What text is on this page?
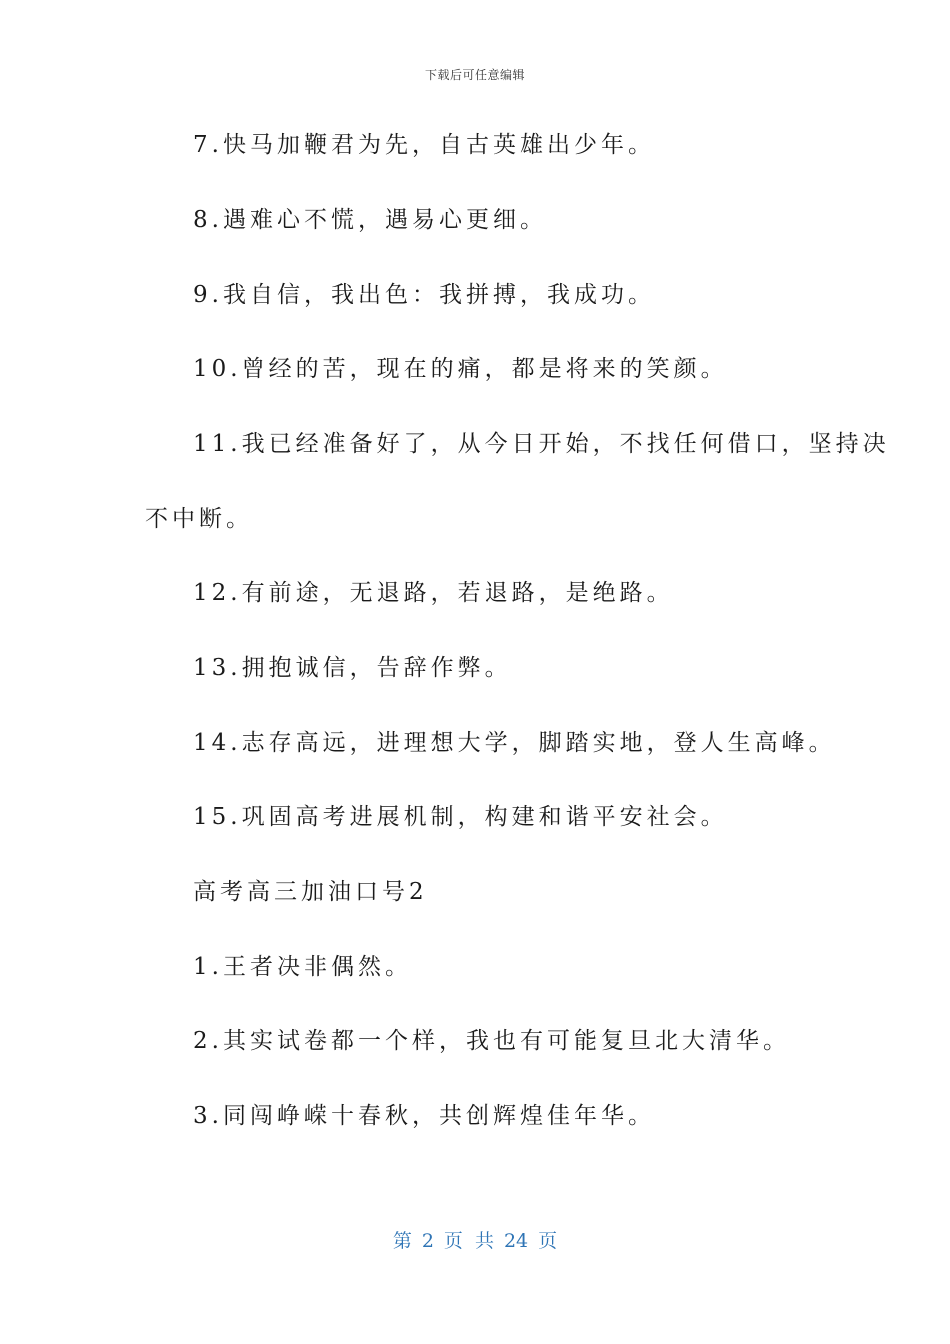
下载后可任意编辑
7.快马加鞭君为先，自古英雄出少年。
8.遇难心不慌，遇易心更细。
9.我自信，我出色：我拼搏，我成功。
10.曾经的苦，现在的痛，都是将来的笑颜。
11.我已经准备好了，从今日开始，不找任何借口，坚持决
不中断。
12.有前途，无退路，若退路，是绝路。
13.拥抱诚信，告辞作弊。
14.志存高远，进理想大学，脚踏实地，登人生高峰。
15.巩固高考进展机制，构建和谐平安社会。
高考高三加油口号2
1.王者决非偶然。
2.其实试卷都一个样，我也有可能复旦北大清华。
3.同闯峥嵘十春秋，共创辉煌佳年华。
第 2 页 共 24 页
